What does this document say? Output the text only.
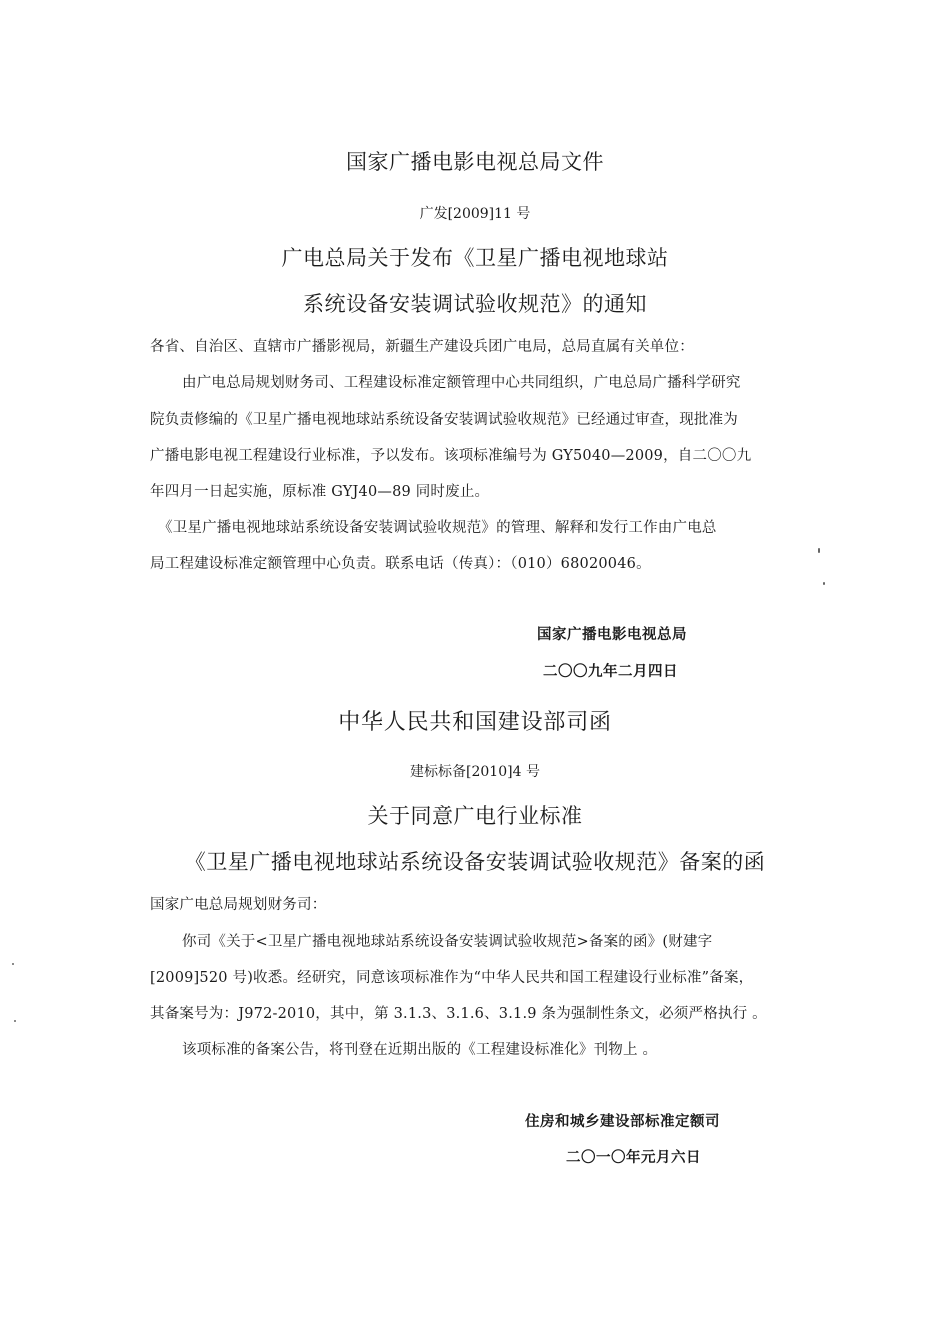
国家广播电影电视总局文件
广发[2009]11 号
广电总局关于发布《卫星广播电视地球站
系统设备安装调试验收规范》的通知
各省、自治区、直辖市广播影视局，新疆生产建设兵团广电局，总局直属有关单位：
由广电总局规划财务司、工程建设标准定额管理中心共同组织，广电总局广播科学研究
院负责修编的《卫星广播电视地球站系统设备安装调试验收规范》已经通过审查，现批准为
广播电影电视工程建设行业标准，予以发布。该项标准编号为 GY5040—2009，自二〇〇九
年四月一日起实施，原标准 GYJ40—89 同时废止。
《卫星广播电视地球站系统设备安装调试验收规范》的管理、解释和发行工作由广电总
局工程建设标准定额管理中心负责。联系电话（传真）：（010）68020046。
国家广播电影电视总局
二〇〇九年二月四日
中华人民共和国建设部司函
建标标备[2010]4 号
关于同意广电行业标准
《卫星广播电视地球站系统设备安装调试验收规范》备案的函
国家广电总局规划财务司：
你司《关于<卫星广播电视地球站系统设备安装调试验收规范>备案的函》(财建字
[2009]520 号)收悉。经研究，同意该项标准作为“中华人民共和国工程建设行业标准”备案，
其备案号为：J972-2010，其中，第 3.1.3、3.1.6、3.1.9 条为强制性条文，必须严格执行 。
该项标准的备案公告，将刊登在近期出版的《工程建设标准化》刊物上 。
住房和城乡建设部标准定额司
二〇一〇年元月六日
